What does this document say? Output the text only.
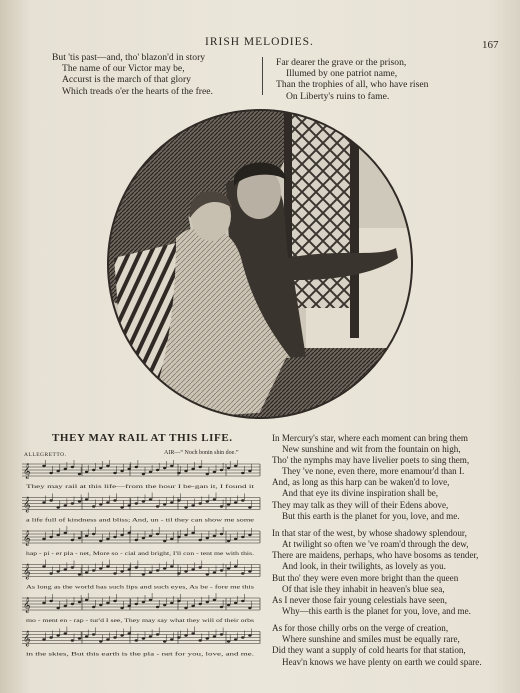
IRISH MELODIES.	167
But 'tis past—and, tho' blazon'd in story
The name of our Victor may be,
Accurst is the march of that glory
Which treads o'er the hearts of the free.
Far dearer the grave or the prison,
Illumed by one patriot name,
Than the trophies of all, who have risen
On Liberty's ruins to fame.
THEY MAY RAIL AT THIS LIFE.
ALLEGRETTO.	AIR—“ Noch bonin shin doe.”
𝄞
𝄞
𝄞
𝄞
𝄞
𝄞
They may rail at this life—from the hour I be-gan it, I found it
a life full of kindness and bliss; And, un - til they can show me some
hap - pi - er pla - net, More so - cial and bright, I'll con - tent me with this.
As long as the world has such lips and such eyes, As be - fore me this
mo - ment en - rap - tur'd I see, They may say what they will of their orbs
in the skies, But this earth is the pla - net for you, love, and me.
In Mercury's star, where each moment can bring them
New sunshine and wit from the fountain on high,
Tho' the nymphs may have livelier poets to sing them,
They 've none, even there, more enamour'd than I.
And, as long as this harp can be waken'd to love,
And that eye its divine inspiration shall be,
They may talk as they will of their Edens above,
But this earth is the planet for you, love, and me.
In that star of the west, by whose shadowy splendour,
At twilight so often we 've roam'd through the dew,
There are maidens, perhaps, who have bosoms as tender,
And look, in their twilights, as lovely as you.
But tho' they were even more bright than the queen
Of that isle they inhabit in heaven's blue sea,
As I never those fair young celestials have seen,
Why—this earth is the planet for you, love, and me.
As for those chilly orbs on the verge of creation,
Where sunshine and smiles must be equally rare,
Did they want a supply of cold hearts for that station,
Heav'n knows we have plenty on earth we could spare.
